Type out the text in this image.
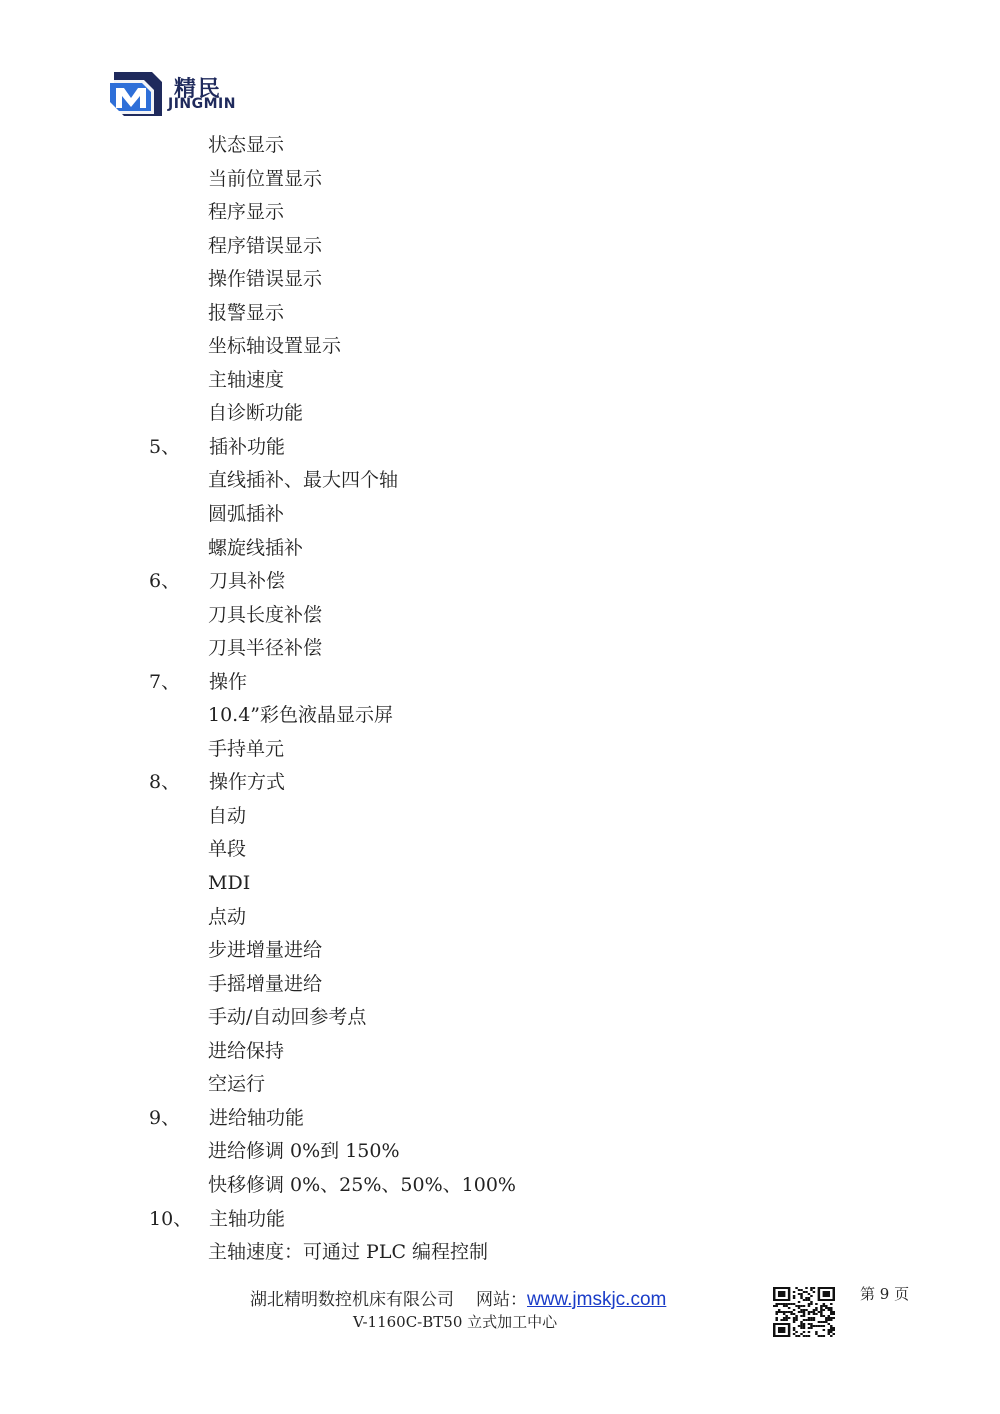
精民
JINGMIN
状态显示
当前位置显示
程序显示
程序错误显示
操作错误显示
报警显示
坐标轴设置显示
主轴速度
自诊断功能
5、 插补功能
直线插补、最大四个轴
圆弧插补
螺旋线插补
6、 刀具补偿
刀具长度补偿
刀具半径补偿
7、 操作
10.4”彩色液晶显示屏
手持单元
8、 操作方式
自动
单段
MDI
点动
步进增量进给
手摇增量进给
手动/自动回参考点
进给保持
空运行
9、 进给轴功能
进给修调 0%到 150%
快移修调 0%、25%、50%、100%
10、 主轴功能
主轴速度：可通过 PLC 编程控制
湖北精明数控机床有限公司 网站：www.jmskjc.com
V-1160C-BT50 立式加工中心
第 9 页
